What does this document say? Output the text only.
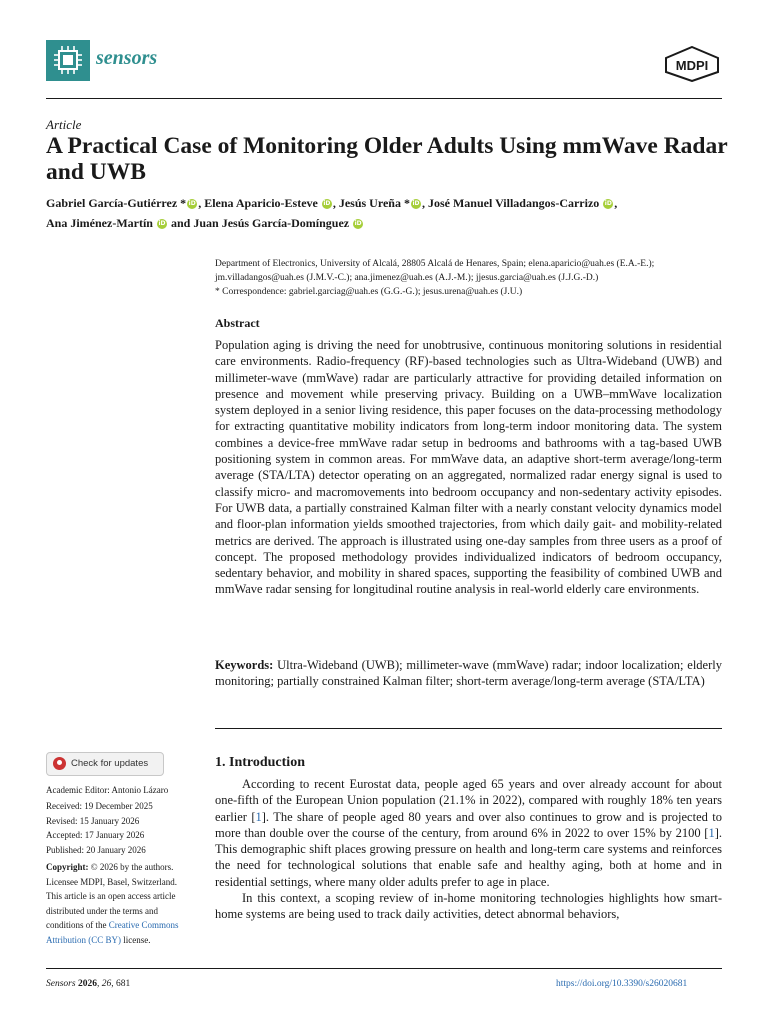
sensors	MDPI
Article
A Practical Case of Monitoring Older Adults Using mmWave Radar and UWB
Gabriel García-Gutiérrez * iD , Elena Aparicio-Esteve iD , Jesús Ureña * iD , José Manuel Villadangos-Carrizo iD ,
Ana Jiménez-Martín iD and Juan Jesús García-Domínguez iD
Department of Electronics, University of Alcalá, 28805 Alcalá de Henares, Spain; elena.aparicio@uah.es (E.A.-E.);
jm.villadangos@uah.es (J.M.V.-C.); ana.jimenez@uah.es (A.J.-M.); jjesus.garcia@uah.es (J.J.G.-D.)
* Correspondence: gabriel.garciag@uah.es (G.G.-G.); jesus.urena@uah.es (J.U.)
Abstract
Population aging is driving the need for unobtrusive, continuous monitoring solutions in residential care environments. Radio-frequency (RF)-based technologies such as Ultra-Wideband (UWB) and millimeter-wave (mmWave) radar are particularly attractive for providing detailed information on presence and movement while preserving privacy. Building on a UWB–mmWave localization system deployed in a senior living residence, this paper focuses on the data-processing methodology for extracting quantitative mobility indicators from long-term indoor monitoring data. The system combines a device-free mmWave radar setup in bedrooms and bathrooms with a tag-based UWB positioning system in common areas. For mmWave data, an adaptive short-term average/long-term average (STA/LTA) detector operating on an aggregated, normalized radar energy signal is used to classify micro- and macromovements into bedroom occupancy and non-sedentary activity episodes. For UWB data, a partially constrained Kalman filter with a nearly constant velocity dynamics model and floor-plan information yields smoothed trajectories, from which daily gait- and mobility-related metrics are derived. The approach is illustrated using one-day samples from three users as a proof of concept. The proposed methodology provides individualized indicators of bedroom occupancy, sedentary behavior, and mobility in shared spaces, supporting the feasibility of combined UWB and mmWave radar sensing for longitudinal routine analysis in real-world elderly care environments.
Keywords: Ultra-Wideband (UWB); millimeter-wave (mmWave) radar; indoor localization; elderly monitoring; partially constrained Kalman filter; short-term average/long-term average (STA/LTA)
Check for updates
Academic Editor: Antonio Lázaro
Received: 19 December 2025
Revised: 15 January 2026
Accepted: 17 January 2026
Published: 20 January 2026
Copyright: © 2026 by the authors.
Licensee MDPI, Basel, Switzerland.
This article is an open access article
distributed under the terms and
conditions of the Creative Commons
Attribution (CC BY) license.
1. Introduction

According to recent Eurostat data, people aged 65 years and over already account for about one-fifth of the European Union population (21.1% in 2022), compared with roughly 18% ten years earlier [1]. The share of people aged 80 years and over also continues to grow and is projected to more than double over the course of the century, from around 6% in 2022 to over 15% by 2100 [1]. This demographic shift places growing pressure on health and long-term care systems and reinforces the need for technological solutions that enable safe and healthy aging, both at home and in residential settings, where many older adults prefer to age in place.

In this context, a scoping review of in-home monitoring technologies highlights how smart-home systems are being used to track daily activities, detect abnormal behaviors,

Sensors 2026, 26, 681	https://doi.org/10.3390/s26020681
